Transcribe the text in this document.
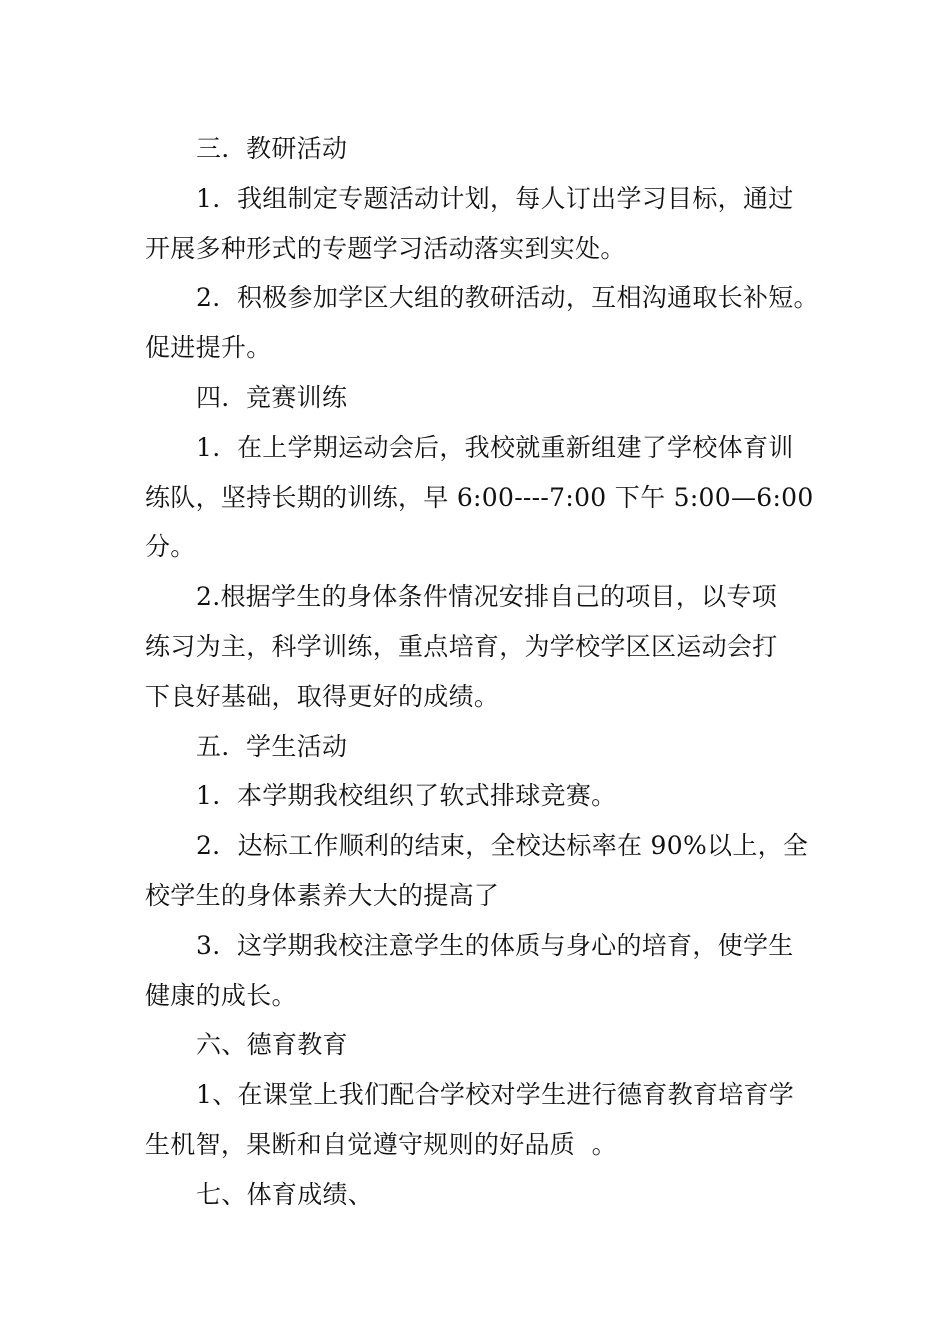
三.  教研活动
1.  我组制定专题活动计划，每人订出学习目标，通过
开展多种形式的专题学习活动落实到实处。
2.  积极参加学区大组的教研活动，互相沟通取长补短。
促进提升。
四.  竞赛训练
1.  在上学期运动会后，我校就重新组建了学校体育训
练队，坚持长期的训练，早 6:00----7:00 下午 5:00—6:00
分。
2.根据学生的身体条件情况安排自己的项目，以专项
练习为主，科学训练，重点培育，为学校学区区运动会打
下良好基础，取得更好的成绩。
五.  学生活动
1.  本学期我校组织了软式排球竞赛。
2．达标工作顺利的结束，全校达标率在 90%以上，全
校学生的身体素养大大的提高了
3.  这学期我校注意学生的体质与身心的培育，使学生
健康的成长。
六、德育教育
1、在课堂上我们配合学校对学生进行德育教育培育学
生机智，果断和自觉遵守规则的好品质  。
七、体育成绩、
